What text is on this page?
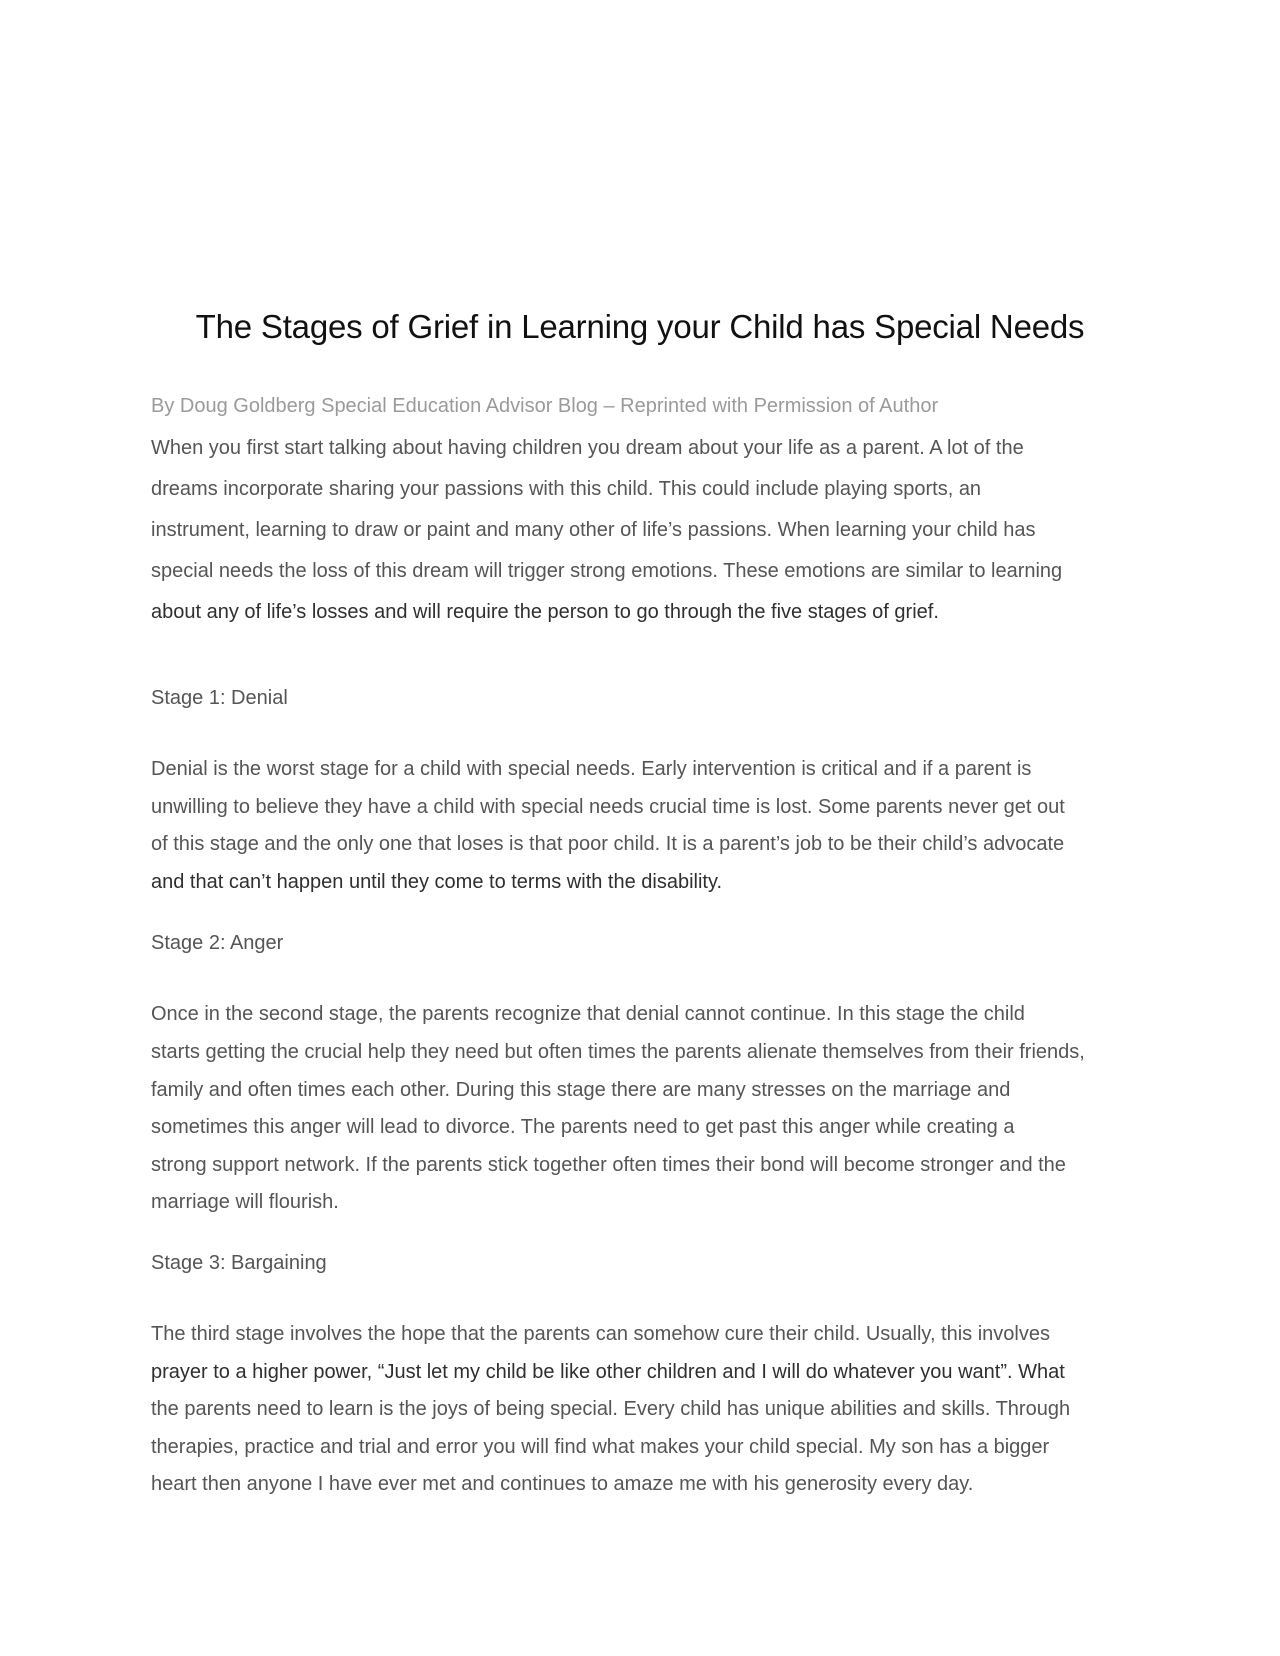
The Stages of Grief in Learning your Child has Special Needs

By Doug Goldberg Special Education Advisor Blog – Reprinted with Permission of Author

When you first start talking about having children you dream about your life as a parent. A lot of the
dreams incorporate sharing your passions with this child. This could include playing sports, an
instrument, learning to draw or paint and many other of life’s passions. When learning your child has
special needs the loss of this dream will trigger strong emotions. These emotions are similar to learning
about any of life’s losses and will require the person to go through the five stages of grief.

Stage 1: Denial

Denial is the worst stage for a child with special needs. Early intervention is critical and if a parent is
unwilling to believe they have a child with special needs crucial time is lost. Some parents never get out
of this stage and the only one that loses is that poor child. It is a parent’s job to be their child’s advocate
and that can’t happen until they come to terms with the disability.

Stage 2: Anger

Once in the second stage, the parents recognize that denial cannot continue. In this stage the child
starts getting the crucial help they need but often times the parents alienate themselves from their friends,
family and often times each other. During this stage there are many stresses on the marriage and
sometimes this anger will lead to divorce. The parents need to get past this anger while creating a
strong support network. If the parents stick together often times their bond will become stronger and the
marriage will flourish.

Stage 3: Bargaining

The third stage involves the hope that the parents can somehow cure their child. Usually, this involves
prayer to a higher power, “Just let my child be like other children and I will do whatever you want”. What
the parents need to learn is the joys of being special. Every child has unique abilities and skills. Through
therapies, practice and trial and error you will find what makes your child special. My son has a bigger
heart then anyone I have ever met and continues to amaze me with his generosity every day.
